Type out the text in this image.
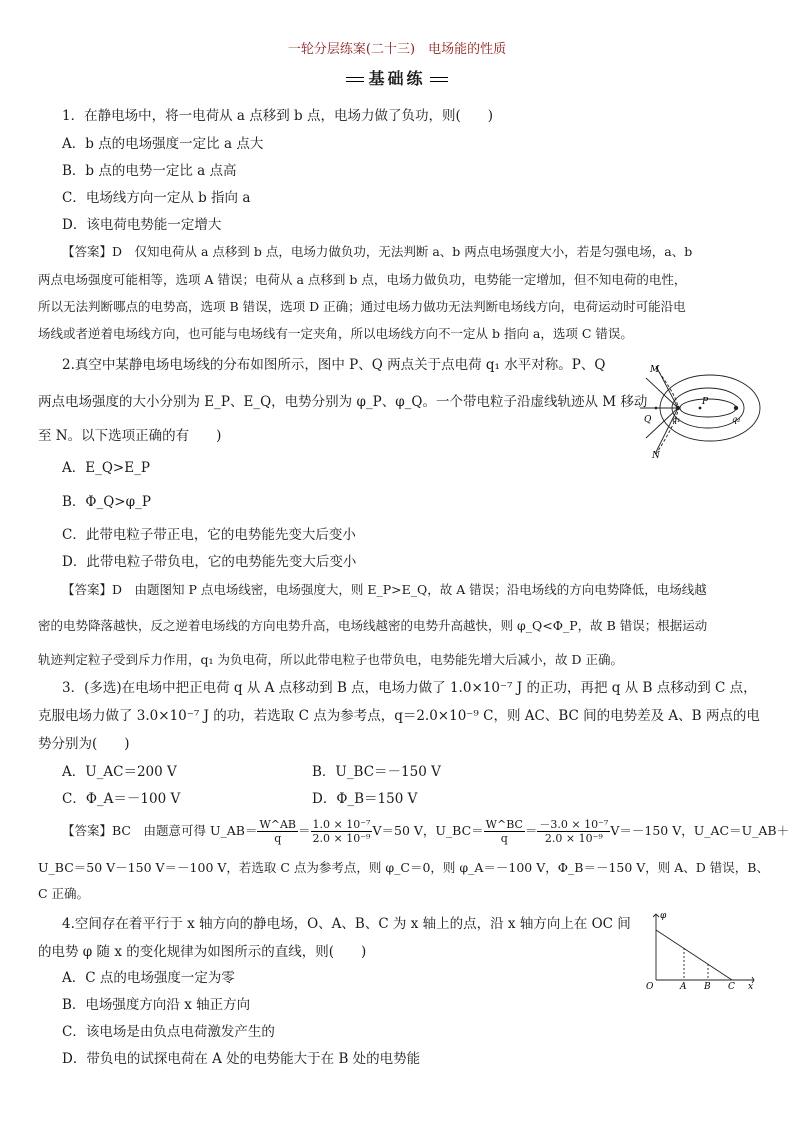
一轮分层练案(二十三)　电场能的性质
基础练
1．在静电场中，将一电荷从 a 点移到 b 点，电场力做了负功，则(　　)
A．b 点的电场强度一定比 a 点大
B．b 点的电势一定比 a 点高
C．电场线方向一定从 b 指向 a
D．该电荷电势能一定增大
【答案】D　仅知电荷从 a 点移到 b 点，电场力做负功，无法判断 a、b 两点电场强度大小，若是匀强电场，a、b
两点电场强度可能相等，选项 A 错误；电荷从 a 点移到 b 点，电场力做负功，电势能一定增加，但不知电荷的电性，
所以无法判断哪点的电势高，选项 B 错误，选项 D 正确；通过电场力做功无法判断电场线方向，电荷运动时可能沿电
场线或者逆着电场线方向，也可能与电场线有一定夹角，所以电场线方向不一定从 b 指向 a，选项 C 错误。
2.真空中某静电场电场线的分布如图所示，图中 P、Q 两点关于点电荷 q₁ 水平对称。P、Q
两点电场强度的大小分别为 E_P、E_Q，电势分别为 φ_P、φ_Q。一个带电粒子沿虚线轨迹从 M 移动
至 N。以下选项正确的有　　)
A．E_Q>E_P
B．Φ_Q>φ_P
C．此带电粒子带正电，它的电势能先变大后变小
D．此带电粒子带负电，它的电势能先变大后变小
【答案】D　由题图知 P 点电场线密，电场强度大，则 E_P>E_Q，故 A 错误；沿电场线的方向电势降低，电场线越
密的电势降落越快，反之逆着电场线的方向电势升高，电场线越密的电势升高越快，则 φ_Q<Φ_P，故 B 错误；根据运动
轨迹判定粒子受到斥力作用，q₁ 为负电荷，所以此带电粒子也带负电，电势能先增大后减小，故 D 正确。
M
N
P
Q	q₁	q₂
3．(多选)在电场中把正电荷 q 从 A 点移动到 B 点，电场力做了 1.0×10⁻⁷ J 的正功，再把 q 从 B 点移动到 C 点，
克服电场力做了 3.0×10⁻⁷ J 的功，若选取 C 点为参考点，q＝2.0×10⁻⁹ C，则 AC、BC 间的电势差及 A、B 两点的电
势分别为(　　)
A．U_AC＝200 V	B．U_BC＝－150 V
C．Φ_A＝－100 V	D．Φ_B＝150 V
【答案】BC　由题意可得 U_AB＝ $\frac{W\^{}AB}{q} = \frac{\text{1.0 × 10⁻⁷}}{\text{2.0 × 10⁻⁹}} V=50$ V，U_BC＝ $\frac{W\^{}BC}{q} = \frac{\text{－3.0 × 10⁻⁷}}{\text{2.0 × 10⁻⁹}} V=-150$ V，U_AC＝U_AB＋
U_BC＝50 V－150 V＝－100 V，若选取 C 点为参考点，则 φ_C＝0，则 φ_A＝－100 V，Φ_B＝－150 V，则 A、D 错误，B、
C 正确。
4.空间存在着平行于 x 轴方向的静电场，O、A、B、C 为 x 轴上的点，沿 x 轴方向上在 OC 间
的电势 φ 随 x 的变化规律为如图所示的直线，则(　　)
A．C 点的电场强度一定为零
B．电场强度方向沿 x 轴正方向
C．该电场是由负点电荷激发产生的
D．带负电的试探电荷在 A 处的电势能大于在 B 处的电势能
φ
x
O	A B C
